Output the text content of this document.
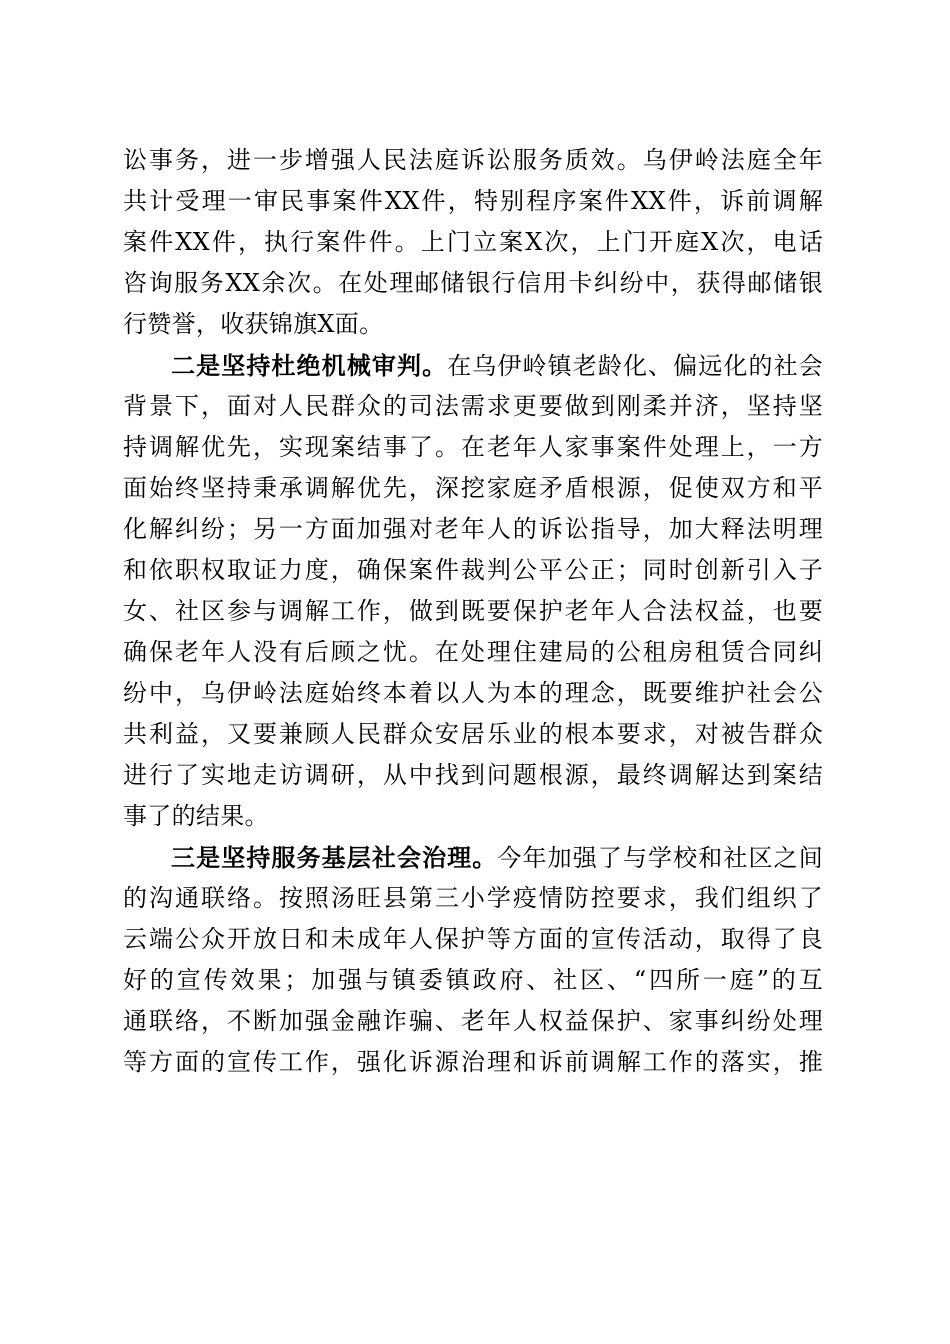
讼事务，进一步增强人民法庭诉讼服务质效。乌伊岭法庭全年
共计受理一审民事案件XX件，特别程序案件XX件，诉前调解
案件XX件，执行案件件。上门立案X次，上门开庭X次，电话
咨询服务XX余次。在处理邮储银行信用卡纠纷中，获得邮储银
行赞誉，收获锦旗X面。
二是坚持杜绝机械审判。在乌伊岭镇老龄化、偏远化的社会
背景下，面对人民群众的司法需求更要做到刚柔并济，坚持坚
持调解优先，实现案结事了。在老年人家事案件处理上，一方
面始终坚持秉承调解优先，深挖家庭矛盾根源，促使双方和平
化解纠纷；另一方面加强对老年人的诉讼指导，加大释法明理
和依职权取证力度，确保案件裁判公平公正；同时创新引入子
女、社区参与调解工作，做到既要保护老年人合法权益，也要
确保老年人没有后顾之忧。在处理住建局的公租房租赁合同纠
纷中，乌伊岭法庭始终本着以人为本的理念，既要维护社会公
共利益，又要兼顾人民群众安居乐业的根本要求，对被告群众
进行了实地走访调研，从中找到问题根源，最终调解达到案结
事了的结果。
三是坚持服务基层社会治理。今年加强了与学校和社区之间
的沟通联络。按照汤旺县第三小学疫情防控要求，我们组织了
云端公众开放日和未成年人保护等方面的宣传活动，取得了良
好的宣传效果；加强与镇委镇政府、社区、“四所一庭”的互
通联络，不断加强金融诈骗、老年人权益保护、家事纠纷处理
等方面的宣传工作，强化诉源治理和诉前调解工作的落实，推
